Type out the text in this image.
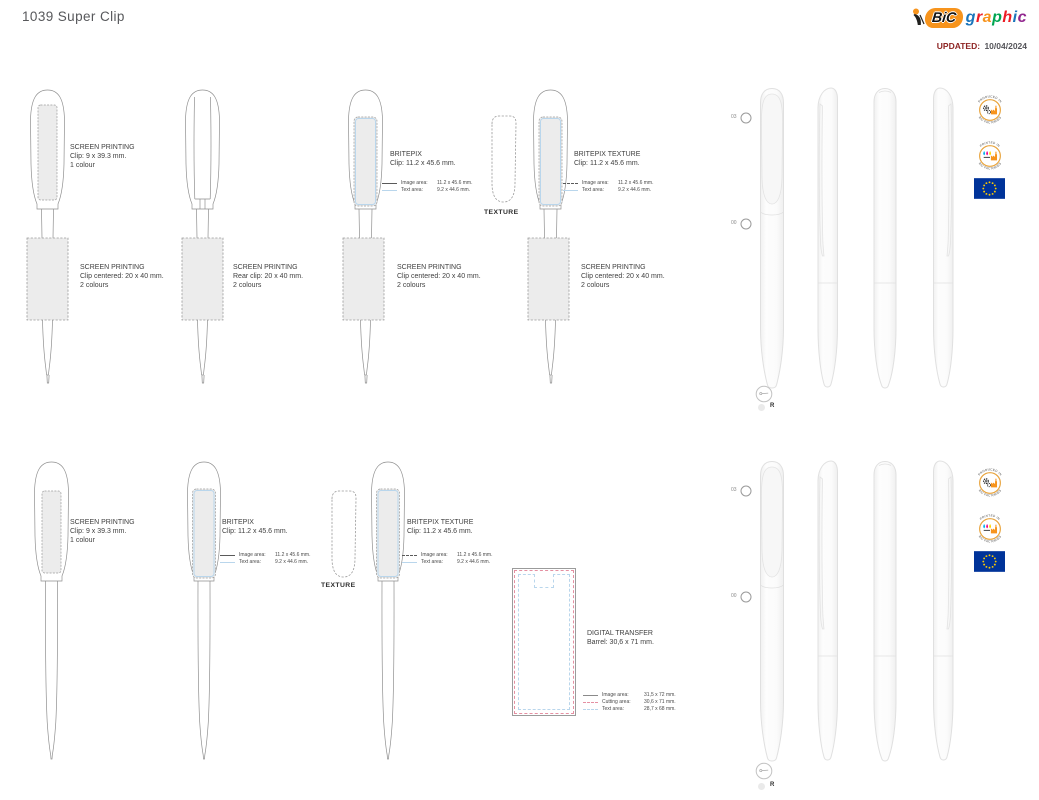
1039 Super Clip	BiC graphic
UPDATED: 10/04/2024
SCREEN PRINTING
Clip: 9 x 39.3 mm.
1 colour
SCREEN PRINTING
Clip centered: 20 x 40 mm.
2 colours
SCREEN PRINTING
Rear clip: 20 x 40 mm.
2 colours
BRITEPIX
Clip: 11.2 x 45.6 mm.
Image area:	11.2 x 45.6 mm.
Text area:	9.2 x 44.6 mm.
SCREEN PRINTING
Clip centered: 20 x 40 mm.
2 colours
TEXTURE
BRITEPIX TEXTURE
Clip: 11.2 x 45.6 mm.
Image area:	11.2 x 45.6 mm.
Text area:	9.2 x 44.6 mm.
SCREEN PRINTING
Clip centered: 20 x 40 mm.
2 colours
03
00
R
SCREEN PRINTING
Clip: 9 x 39.3 mm.
1 colour
BRITEPIX
Clip: 11.2 x 45.6 mm.
Image area:	11.2 x 45.6 mm.
Text area:	9.2 x 44.6 mm.
TEXTURE
BRITEPIX TEXTURE
Clip: 11.2 x 45.6 mm.
Image area:	11.2 x 45.6 mm.
Text area:	9.2 x 44.6 mm.
DIGITAL TRANSFER
Barrel: 30,6 x 71 mm.
Image area:	31,5 x 72 mm.
Cutting area:	30,6 x 71 mm.
Text area:	28,7 x 68 mm.
03
00
R
